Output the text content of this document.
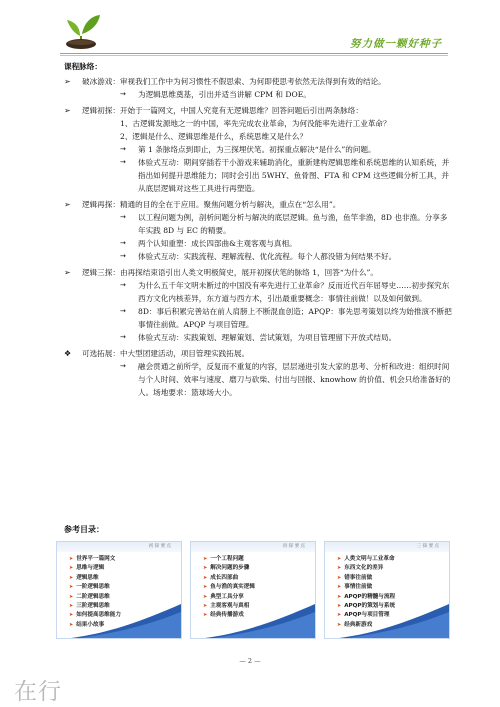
努力做一颗好种子
课程脉络：
➢ 破冰游戏：审视我们工作中为何习惯性不假思索、为何即使思考依然无法得到有效的结论。
→ 为逻辑思维奠基，引出并适当讲解 CPM 和 DOE。
➢ 逻辑初探：开始于一篇网文，中国人究竟有无逻辑思维？回答问题后引出两条脉络：
1、古逻辑发源地之一的中国，率先完成农业革命，为何没能率先进行工业革命？
2、逻辑是什么、逻辑思维是什么，系统思维又是什么？
→ 第 1 条脉络点到即止，为三探埋伏笔。初探重点解决“是什么”的问题。
→ 体验式互动：期间穿插若干小游戏来辅助消化，重新建构逻辑思维和系统思维的认知系统，并指出如何提升思维能力；同时会引出 5WHY、鱼骨图、FTA 和 CPM 这些逻辑分析工具，并从底层逻辑对这些工具进行再塑造。
➢ 逻辑再探：精通的目的全在于应用。聚焦问题分析与解决，重点在“怎么用”。
→ 以工程问题为例，剖析问题分析与解决的底层逻辑。鱼与渔，鱼竿非渔，8D 也非渔。分享多年实践 8D 与 EC 的精要。
→ 两个认知重塑：成长四部曲&主观客观与真相。
→ 体验式互动：实践流程、理解流程、优化流程。每个人都没错为何结果不好。
➢ 逻辑三探：由再探结束语引出人类文明极简史，展开初探伏笔的脉络 1，回答“为什么”。
→ 为什么五千年文明未断过的中国没有率先进行工业革命？反而近代百年屈辱史……初步探究东西方文化内核差异，东方道与西方术，引出最重要概念：事情往前做！以及如何做到。
→ 8D：事后积累完善站在前人肩膀上不断混血创造；APQP：事先思考策划以终为始推演不断把事情往前做。APQP 与项目管理。
→ 体验式互动：实践策划、理解策划、尝试策划，为项目管理留下开放式结局。
❖ 可选拓展：中大型团建活动，项目管理实践拓展。
→ 融会贯通之前所学，反复而不重复的内容，层层递进引发大家的思考、分析和改进：组织时间与个人时间、效率与速度、磨刀与砍柴、付出与回报、knowhow 的价值、机会只给准备好的人。场地要求：篮球场大小。
参考目录：
初 探 要 点
➤ 世界平一篇网文
➤ 思维与逻辑
➤ 逻辑思维
➤ 一阶逻辑思维
➤ 二阶逻辑思维
➤ 三阶逻辑思维
➤ 如何提高思维能力
➤ 结果小故事
再 探 要 点
➤ 一个工程问题
➤ 解决问题的步骤
➤ 成长四部曲
➤ 鱼与渔的真实逻辑
➤ 典型工具分享
➤ 主观客观与真相
➤ 经典传播游戏
三 探 要 点
➤ 人类文明与工业革命
➤ 东西文化的差异
➤ 错事往前做
➤ 事情往前做
➤ APQP的精髓与流程
➤ APQP的策划与系统
➤ APQP与项目管理
➤ 经典新游戏
— 2 —
在行
